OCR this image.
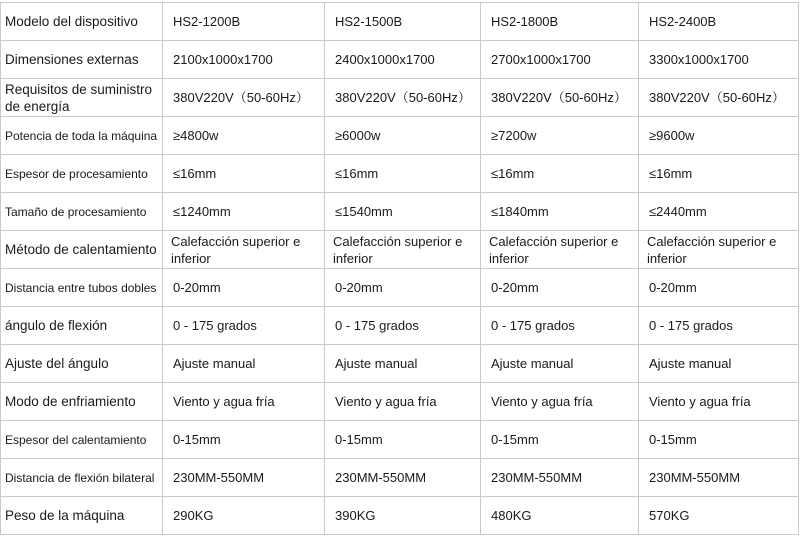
Modelo del dispositivo	HS2-1200B	HS2-1500B	HS2-1800B	HS2-2400B
Dimensiones externas	2100x1000x1700	2400x1000x1700	2700x1000x1700	3300x1000x1700
Requisitos de suministro de energía	380V220V（50-60Hz）	380V220V（50-60Hz）	380V220V（50-60Hz）	380V220V（50-60Hz）
Potencia de toda la máquina	≥4800w	≥6000w	≥7200w	≥9600w
Espesor de procesamiento	≤16mm	≤16mm	≤16mm	≤16mm
Tamaño de procesamiento	≤1240mm	≤1540mm	≤1840mm	≤2440mm
Método de calentamiento	Calefacción superior e inferior	Calefacción superior e inferior	Calefacción superior e inferior	Calefacción superior e inferior
Distancia entre tubos dobles	0-20mm	0-20mm	0-20mm	0-20mm
ángulo de flexión	0 - 175 grados	0 - 175 grados	0 - 175 grados	0 - 175 grados
Ajuste del ángulo	Ajuste manual	Ajuste manual	Ajuste manual	Ajuste manual
Modo de enfriamiento	Viento y agua fría	Viento y agua fría	Viento y agua fría	Viento y agua fría
Espesor del calentamiento	0-15mm	0-15mm	0-15mm	0-15mm
Distancia de flexión bilateral	230MM-550MM	230MM-550MM	230MM-550MM	230MM-550MM
Peso de la máquina	290KG	390KG	480KG	570KG
